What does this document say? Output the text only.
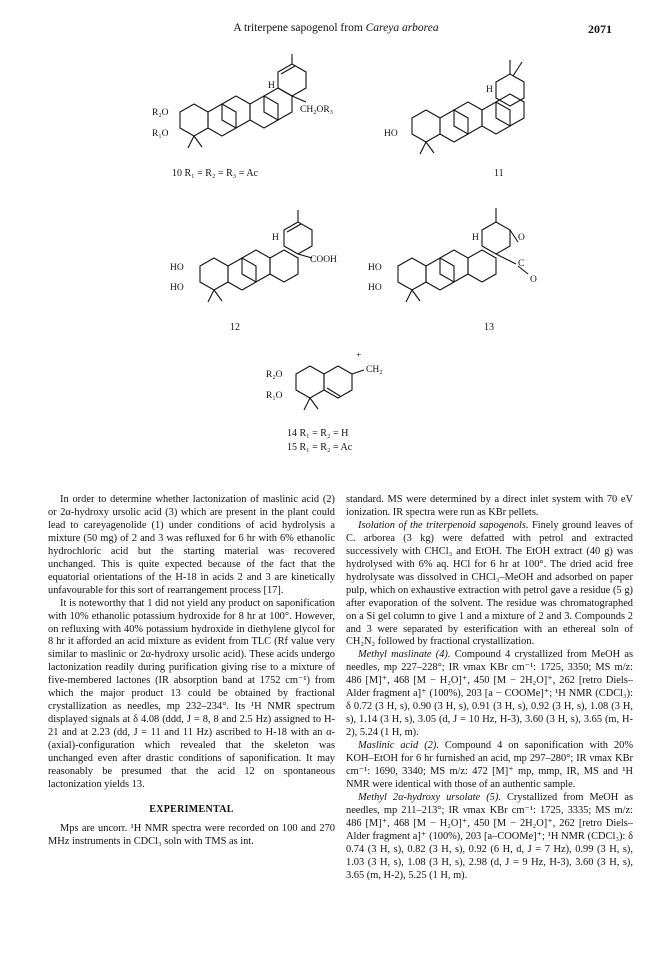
A triterpene sapogenol from Careya arborea	2071
H
CH₂OR₃
R₂O
R₁O
10 R₁ = R₂ = R₃ = Ac
H
HO
11
H
COOH
HO
HO
12
H	O
C
O
HO
HO
13
R₂O
R₁O
CH₂
+
14 R₁ = R₂ = H
15 R₁ = R₂ = Ac

In order to determine whether lactonization of maslinic acid (2) or 2α-hydroxy ursolic acid (3) which are present in the plant could lead to careyagenolide (1) under conditions of acid hydrolysis a mixture (50 mg) of 2 and 3 was refluxed for 6 hr with 6% ethanolic hydrochloric acid but the starting material was recovered unchanged. This is quite expected because of the fact that the equatorial orientations of the H-18 in acids 2 and 3 are kinetically unfavourable for this sort of rearrangement process [17].

It is noteworthy that 1 did not yield any product on saponification with 10% ethanolic potassium hydroxide for 8 hr at 100°. However, on refluxing with 40% potassium hydroxide in diethylene glycol for 8 hr it afforded an acid mixture as evident from TLC (Rf value very similar to maslinic or 2α-hydroxy ursolic acid). These acids undergo lactonization readily during purification giving rise to a mixture of five-membered lactones (IR absorption band at 1752 cm⁻¹) from which the major product 13 could be obtained by fractional crystallization as needles, mp 232–234°. Its ¹H NMR spectrum displayed signals at δ 4.08 (ddd, J = 8, 8 and 2.5 Hz) assigned to H-21 and at 2.23 (dd, J = 11 and 11 Hz) ascribed to H-18 with an α-(axial)-configuration which revealed that the skeleton was unchanged even after drastic conditions of saponification. It may reasonably be presumed that the acid 12 on spontaneous lactonization yields 13.

EXPERIMENTAL

Mps are uncorr. ¹H NMR spectra were recorded on 100 and 270 MHz instruments in CDCl₃ soln with TMS as int.

standard. MS were determined by a direct inlet system with 70 eV ionization. IR spectra were run as KBr pellets.

Isolation of the triterpenoid sapogenols. Finely ground leaves of C. arborea (3 kg) were defatted with petrol and extracted successively with CHCl₃ and EtOH. The EtOH extract (40 g) was hydrolysed with 6% aq. HCl for 6 hr at 100°. The dried acid free hydrolysate was dissolved in CHCl₃–MeOH and adsorbed on paper pulp, which on exhaustive extraction with petrol gave a residue (5 g) after evaporation of the solvent. The residue was chromatographed on a Si gel column to give 1 and a mixture of 2 and 3. Compounds 2 and 3 were separated by esterification with an ethereal soln of CH₂N₂ followed by fractional crystallization.

Methyl maslinate (4). Compound 4 crystallized from MeOH as needles, mp 227–228°; IR νmax KBr cm⁻¹: 1725, 3350; MS m/z: 486 [M]⁺, 468 [M − H₂O]⁺, 450 [M − 2H₂O]⁺, 262 [retro Diels–Alder fragment a]⁺ (100%), 203 [a − COOMe]⁺; ¹H NMR (CDCl₃): δ 0.72 (3 H, s), 0.90 (3 H, s), 0.91 (3 H, s), 0.92 (3 H, s), 1.08 (3 H, s), 1.14 (3 H, s), 3.05 (d, J = 10 Hz, H-3), 3.60 (3 H, s), 3.65 (m, H-2), 5.24 (1 H, m).

Maslinic acid (2). Compound 4 on saponification with 20% KOH–EtOH for 6 hr furnished an acid, mp 297–280°; IR νmax KBr cm⁻¹: 1690, 3340; MS m/z: 472 [M]⁺ mp, mmp, IR, MS and ¹H NMR were identical with those of an authentic sample.

Methyl 2α-hydroxy ursolate (5). Crystallized from MeOH as needles, mp 211–213°; IR νmax KBr cm⁻¹: 1725, 3335; MS m/z: 486 [M]⁺, 468 [M − H₂O]⁺, 450 [M − 2H₂O]⁺, 262 [retro Diels–Alder fragment a]⁺ (100%), 203 [a–COOMe]⁺; ¹H NMR (CDCl₃): δ 0.74 (3 H, s), 0.82 (3 H, s), 0.92 (6 H, d, J = 7 Hz), 0.99 (3 H, s), 1.03 (3 H, s), 1.08 (3 H, s), 2.98 (d, J = 9 Hz, H-3), 3.60 (3 H, s), 3.65 (m, H-2), 5.25 (1 H, m).
